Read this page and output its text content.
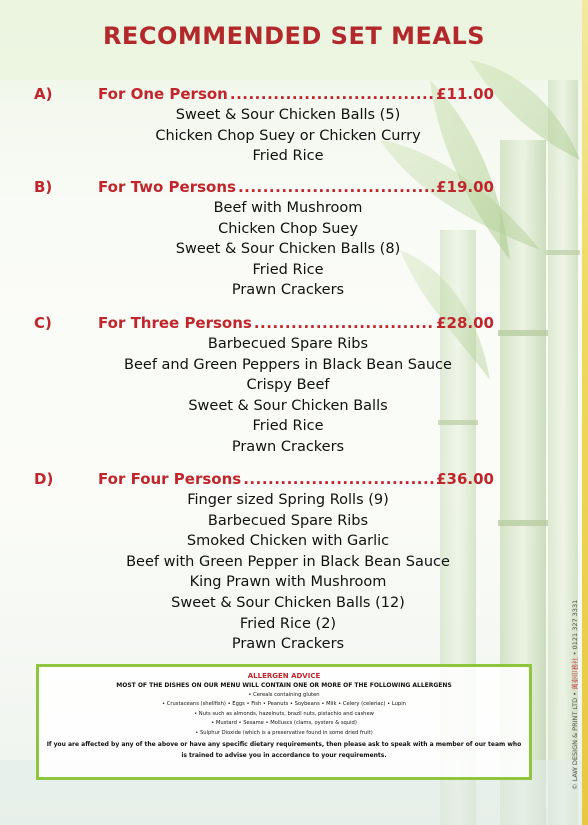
RECOMMENDED SET MEALS
A)	For One Person .....	£11.00
Sweet & Sour Chicken Balls (5)
Chicken Chop Suey or Chicken Curry
Fried Rice
B)	For Two Persons .....	£19.00
Beef with Mushroom
Chicken Chop Suey
Sweet & Sour Chicken Balls (8)
Fried Rice
Prawn Crackers
C)	For Three Persons .....	£28.00
Barbecued Spare Ribs
Beef and Green Peppers in Black Bean Sauce
Crispy Beef
Sweet & Sour Chicken Balls
Fried Rice
Prawn Crackers
D)	For Four Persons .....	£36.00
Finger sized Spring Rolls (9)
Barbecued Spare Ribs
Smoked Chicken with Garlic
Beef with Green Pepper in Black Bean Sauce
King Prawn with Mushroom
Sweet & Sour Chicken Balls (12)
Fried Rice (2)
Prawn Crackers
ALLERGEN ADVICE
MOST OF THE DISHES ON OUR MENU WILL CONTAIN ONE OR MORE OF THE FOLLOWING ALLERGENS
• Cereals containing gluten
• Crustaceans (shellfish) • Eggs • Fish • Peanuts • Soybeans • Milk • Celery (celeriac) • Lupin
• Nuts such as almonds, hazelnuts, brazil nuts, pistachio and cashew
• Mustard • Sesame • Molluscs (clams, oysters & squid)
• Sulphur Dioxide (which is a preservative found in some dried fruit)
If you are affected by any of the above or have any specific dietary requirements, then please ask to speak with a member of our team who is trained to advise you in accordance to your requirements.	© LAW DESIGN & PRINT LTD • 萬泰印務社 • 0121 327 3331
